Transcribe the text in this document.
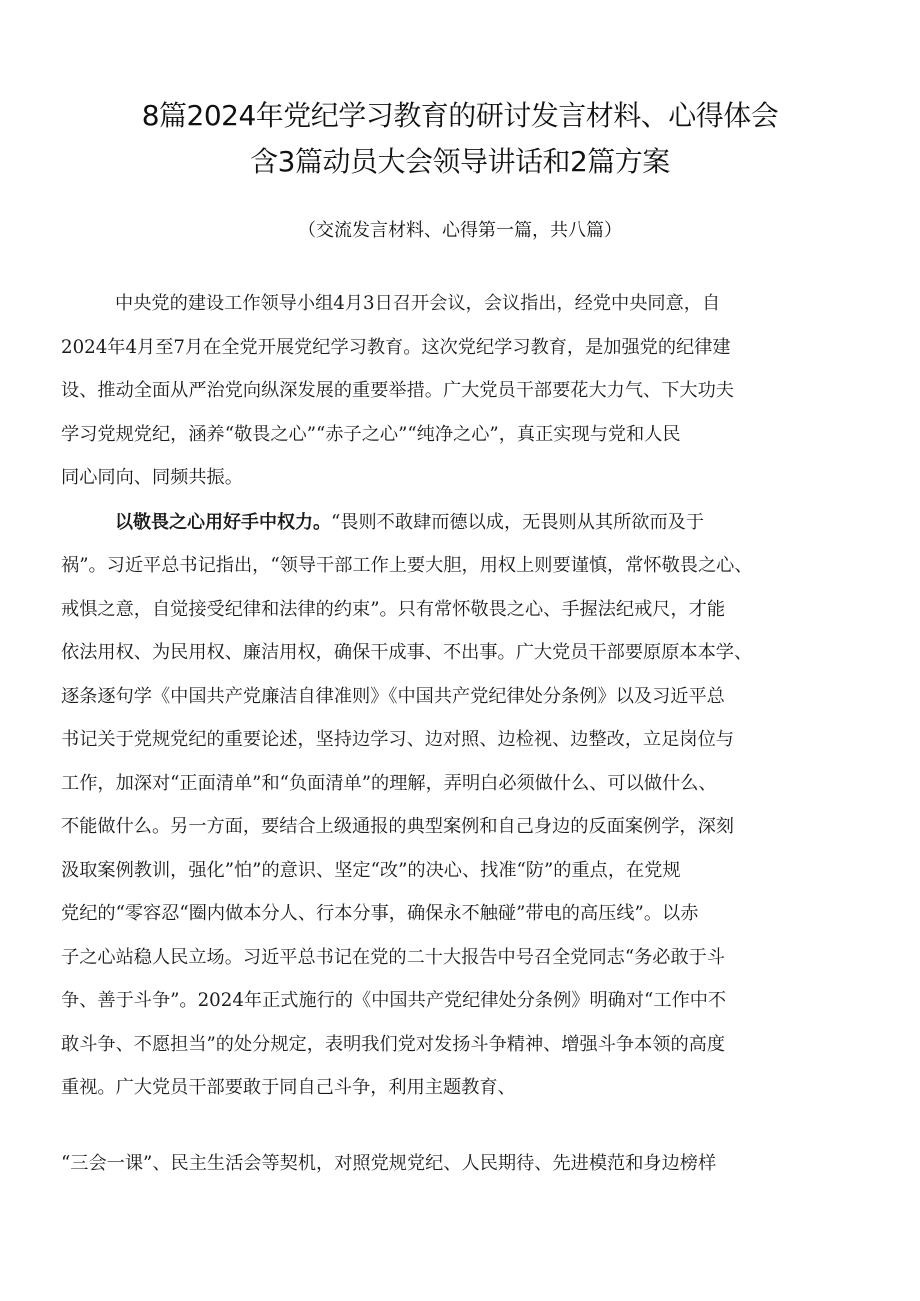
8篇2024年党纪学习教育的研讨发言材料、心得体会
含3篇动员大会领导讲话和2篇方案
（交流发言材料、心得第一篇，共八篇）
中央党的建设工作领导小组4月3日召开会议，会议指出，经党中央同意，自
2024年4月至7月在全党开展党纪学习教育。这次党纪学习教育，是加强党的纪律建
设、推动全面从严治党向纵深发展的重要举措。广大党员干部要花大力气、下大功夫
学习党规党纪，涵养“敬畏之心”“赤子之心”“纯净之心”，真正实现与党和人民
同心同向、同频共振。
以敬畏之心用好手中权力。“畏则不敢肆而德以成，无畏则从其所欲而及于
祸”。习近平总书记指出，“领导干部工作上要大胆，用权上则要谨慎，常怀敬畏之心、
戒惧之意，自觉接受纪律和法律的约束”。只有常怀敬畏之心、手握法纪戒尺，才能
依法用权、为民用权、廉洁用权，确保干成事、不出事。广大党员干部要原原本本学、
逐条逐句学《中国共产党廉洁自律准则》《中国共产党纪律处分条例》以及习近平总
书记关于党规党纪的重要论述，坚持边学习、边对照、边检视、边整改，立足岗位与
工作，加深对“正面清单”和“负面清单”的理解，弄明白必须做什么、可以做什么、
不能做什么。另一方面，要结合上级通报的典型案例和自己身边的反面案例学，深刻
汲取案例教训，强化”怕”的意识、坚定“改”的决心、找准“防”的重点，在党规
党纪的“零容忍“圈内做本分人、行本分事，确保永不触碰”带电的高压线”。以赤
子之心站稳人民立场。习近平总书记在党的二十大报告中号召全党同志“务必敢于斗
争、善于斗争”。2024年正式施行的《中国共产党纪律处分条例》明确对“工作中不
敢斗争、不愿担当”的处分规定，表明我们党对发扬斗争精神、增强斗争本领的高度
重视。广大党员干部要敢于同自己斗争，利用主题教育、
“三会一课”、民主生活会等契机，对照党规党纪、人民期待、先进模范和身边榜样
